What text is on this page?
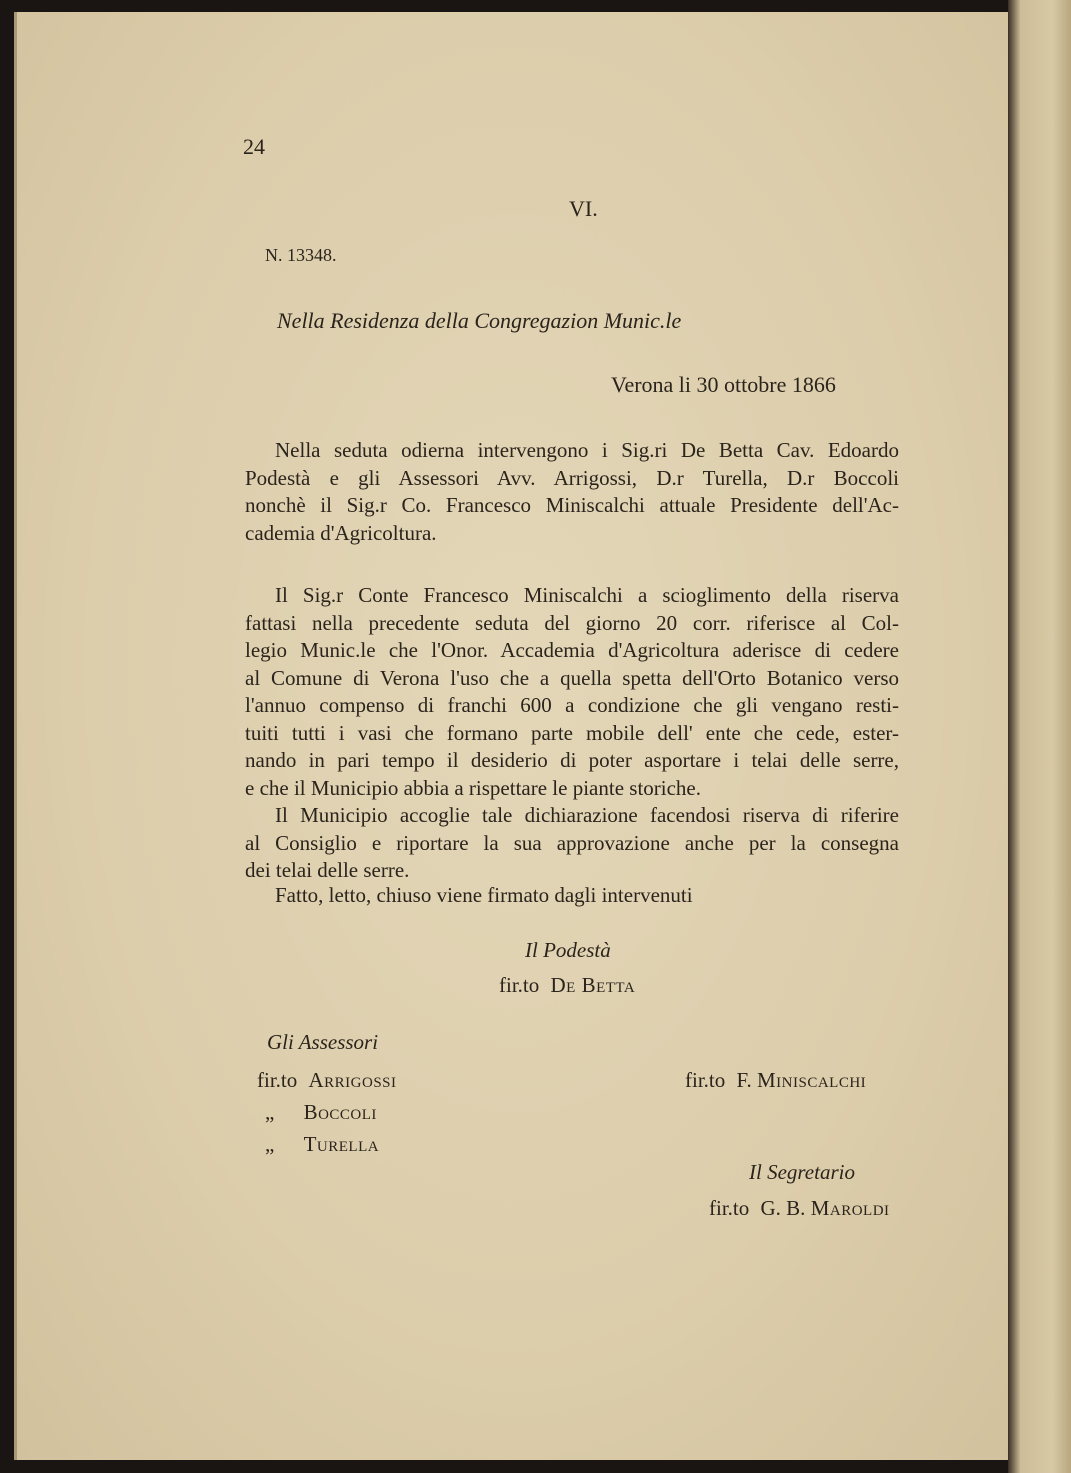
24
VI.
N. 13348.
Nella Residenza della Congregazion Munic.le
Verona li 30 ottobre 1866
Nella seduta odierna intervengono i Sig.ri De Betta Cav. Edoardo
Podestà e gli Assessori Avv. Arrigossi, D.r Turella, D.r Boccoli
nonchè il Sig.r Co. Francesco Miniscalchi attuale Presidente dell'Ac-
cademia d'Agricoltura.
Il Sig.r Conte Francesco Miniscalchi a scioglimento della riserva
fattasi nella precedente seduta del giorno 20 corr. riferisce al Col-
legio Munic.le che l'Onor. Accademia d'Agricoltura aderisce di cedere
al Comune di Verona l'uso che a quella spetta dell'Orto Botanico verso
l'annuo compenso di franchi 600 a condizione che gli vengano resti-
tuiti tutti i vasi che formano parte mobile dell' ente che cede, ester-
nando in pari tempo il desiderio di poter asportare i telai delle serre,
e che il Municipio abbia a rispettare le piante storiche.
Il Municipio accoglie tale dichiarazione facendosi riserva di riferire
al Consiglio e riportare la sua approvazione anche per la consegna
dei telai delle serre.
Fatto, letto, chiuso viene firmato dagli intervenuti
Il Podestà
fir.to De Betta
Gli Assessori
fir.to Arrigossi
„ Boccoli
„ Turella
fir.to F. Miniscalchi
Il Segretario
fir.to G. B. Maroldi
